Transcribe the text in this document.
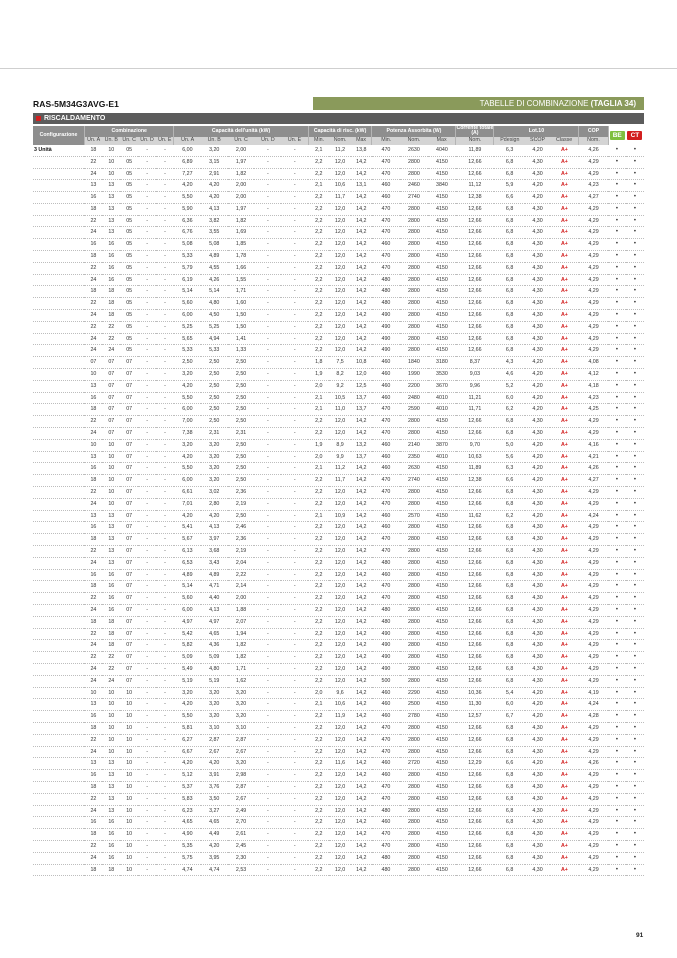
RAS-5M34G3AVG-E1	TABELLE DI COMBINAZIONE (TAGLIA 34)
RISCALDAMENTO
Configurazione	Combinazione					Capacità dell'unità (kW)					Capacità di risc. (kW)			Potenza Assorbita (W)			Corrente totale (A)	Lot.10			COP	BE	CT
	Un. A	Un. B	Un. C	Un. D	Un. E	Un. A	Un. B	Un. C	Un. D	Un. E	Min.	Nom.	Max	Min.	Nom.	Max	Nom.	Pdesign	SCOP	Classe	Nom.		
3 Unità	18	10	05	-	-	6,00	3,20	2,00	-	-	2,1	11,2	13,8	470	2630	4040	11,89	6,3	4,20	A+	4,26	•	•
	22	10	05	-	-	6,89	3,15	1,97	-	-	2,2	12,0	14,2	470	2800	4150	12,66	6,8	4,30	A+	4,29	•	•
	24	10	05	-	-	7,27	2,91	1,82	-	-	2,2	12,0	14,2	470	2800	4150	12,66	6,8	4,30	A+	4,29	•	•
	13	13	05	-	-	4,20	4,20	2,00	-	-	2,1	10,6	13,1	460	2460	3840	11,12	5,9	4,20	A+	4,23	•	•
	16	13	05	-	-	5,50	4,20	2,00	-	-	2,2	11,7	14,2	460	2740	4150	12,38	6,6	4,20	A+	4,27	•	•
	18	13	05	-	-	5,90	4,13	1,97	-	-	2,2	12,0	14,2	470	2800	4150	12,66	6,8	4,30	A+	4,29	•	•
	22	13	05	-	-	6,36	3,82	1,82	-	-	2,2	12,0	14,2	470	2800	4150	12,66	6,8	4,30	A+	4,29	•	•
	24	13	05	-	-	6,76	3,55	1,69	-	-	2,2	12,0	14,2	470	2800	4150	12,66	6,8	4,30	A+	4,29	•	•
	16	16	05	-	-	5,08	5,08	1,85	-	-	2,2	12,0	14,2	460	2800	4150	12,66	6,8	4,30	A+	4,29	•	•
	18	16	05	-	-	5,33	4,89	1,78	-	-	2,2	12,0	14,2	470	2800	4150	12,66	6,8	4,30	A+	4,29	•	•
	22	16	05	-	-	5,79	4,55	1,66	-	-	2,2	12,0	14,2	470	2800	4150	12,66	6,8	4,30	A+	4,29	•	•
	24	16	05	-	-	6,19	4,26	1,55	-	-	2,2	12,0	14,2	480	2800	4150	12,66	6,8	4,30	A+	4,29	•	•
	18	18	05	-	-	5,14	5,14	1,71	-	-	2,2	12,0	14,2	480	2800	4150	12,66	6,8	4,30	A+	4,29	•	•
	22	18	05	-	-	5,60	4,80	1,60	-	-	2,2	12,0	14,2	480	2800	4150	12,66	6,8	4,30	A+	4,29	•	•
	24	18	05	-	-	6,00	4,50	1,50	-	-	2,2	12,0	14,2	490	2800	4150	12,66	6,8	4,30	A+	4,29	•	•
	22	22	05	-	-	5,25	5,25	1,50	-	-	2,2	12,0	14,2	490	2800	4150	12,66	6,8	4,30	A+	4,29	•	•
	24	22	05	-	-	5,65	4,94	1,41	-	-	2,2	12,0	14,2	490	2800	4150	12,66	6,8	4,30	A+	4,29	•	•
	24	24	05	-	-	5,33	5,33	1,33	-	-	2,2	12,0	14,2	490	2800	4150	12,66	6,8	4,30	A+	4,29	•	•
	07	07	07	-	-	2,50	2,50	2,50	-	-	1,8	7,5	10,8	460	1840	3180	8,37	4,3	4,20	A+	4,08	•	•
	10	07	07	-	-	3,20	2,50	2,50	-	-	1,9	8,2	12,0	460	1990	3530	9,03	4,6	4,20	A+	4,12	•	•
	13	07	07	-	-	4,20	2,50	2,50	-	-	2,0	9,2	12,5	460	2200	3670	9,96	5,2	4,20	A+	4,18	•	•
	16	07	07	-	-	5,50	2,50	2,50	-	-	2,1	10,5	13,7	460	2480	4010	11,21	6,0	4,20	A+	4,23	•	•
	18	07	07	-	-	6,00	2,50	2,50	-	-	2,1	11,0	13,7	470	2590	4010	11,71	6,2	4,20	A+	4,25	•	•
	22	07	07	-	-	7,00	2,50	2,50	-	-	2,2	12,0	14,2	470	2800	4150	12,66	6,8	4,30	A+	4,29	•	•
	24	07	07	-	-	7,38	2,31	2,31	-	-	2,2	12,0	14,2	470	2800	4150	12,66	6,8	4,30	A+	4,29	•	•
	10	10	07	-	-	3,20	3,20	2,50	-	-	1,9	8,9	13,2	460	2140	3870	9,70	5,0	4,20	A+	4,16	•	•
	13	10	07	-	-	4,20	3,20	2,50	-	-	2,0	9,9	13,7	460	2350	4010	10,63	5,6	4,20	A+	4,21	•	•
	16	10	07	-	-	5,50	3,20	2,50	-	-	2,1	11,2	14,2	460	2630	4150	11,89	6,3	4,20	A+	4,26	•	•
	18	10	07	-	-	6,00	3,20	2,50	-	-	2,2	11,7	14,2	470	2740	4150	12,38	6,6	4,20	A+	4,27	•	•
	22	10	07	-	-	6,61	3,02	2,36	-	-	2,2	12,0	14,2	470	2800	4150	12,66	6,8	4,30	A+	4,29	•	•
	24	10	07	-	-	7,01	2,80	2,19	-	-	2,2	12,0	14,2	470	2800	4150	12,66	6,8	4,30	A+	4,29	•	•
	13	13	07	-	-	4,20	4,20	2,50	-	-	2,1	10,9	14,2	460	2570	4150	11,62	6,2	4,20	A+	4,24	•	•
	16	13	07	-	-	5,41	4,13	2,46	-	-	2,2	12,0	14,2	460	2800	4150	12,66	6,8	4,30	A+	4,29	•	•
	18	13	07	-	-	5,67	3,97	2,36	-	-	2,2	12,0	14,2	470	2800	4150	12,66	6,8	4,30	A+	4,29	•	•
	22	13	07	-	-	6,13	3,68	2,19	-	-	2,2	12,0	14,2	470	2800	4150	12,66	6,8	4,30	A+	4,29	•	•
	24	13	07	-	-	6,53	3,43	2,04	-	-	2,2	12,0	14,2	480	2800	4150	12,66	6,8	4,30	A+	4,29	•	•
	16	16	07	-	-	4,89	4,89	2,22	-	-	2,2	12,0	14,2	460	2800	4150	12,66	6,8	4,30	A+	4,29	•	•
	18	16	07	-	-	5,14	4,71	2,14	-	-	2,2	12,0	14,2	470	2800	4150	12,66	6,8	4,30	A+	4,29	•	•
	22	16	07	-	-	5,60	4,40	2,00	-	-	2,2	12,0	14,2	470	2800	4150	12,66	6,8	4,30	A+	4,29	•	•
	24	16	07	-	-	6,00	4,13	1,88	-	-	2,2	12,0	14,2	480	2800	4150	12,66	6,8	4,30	A+	4,29	•	•
	18	18	07	-	-	4,97	4,97	2,07	-	-	2,2	12,0	14,2	480	2800	4150	12,66	6,8	4,30	A+	4,29	•	•
	22	18	07	-	-	5,42	4,65	1,94	-	-	2,2	12,0	14,2	490	2800	4150	12,66	6,8	4,30	A+	4,29	•	•
	24	18	07	-	-	5,82	4,36	1,82	-	-	2,2	12,0	14,2	490	2800	4150	12,66	6,8	4,30	A+	4,29	•	•
	22	22	07	-	-	5,09	5,09	1,82	-	-	2,2	12,0	14,2	490	2800	4150	12,66	6,8	4,30	A+	4,29	•	•
	24	22	07	-	-	5,49	4,80	1,71	-	-	2,2	12,0	14,2	490	2800	4150	12,66	6,8	4,30	A+	4,29	•	•
	24	24	07	-	-	5,19	5,19	1,62	-	-	2,2	12,0	14,2	500	2800	4150	12,66	6,8	4,30	A+	4,29	•	•
	10	10	10	-	-	3,20	3,20	3,20	-	-	2,0	9,6	14,2	460	2290	4150	10,36	5,4	4,20	A+	4,19	•	•
	13	10	10	-	-	4,20	3,20	3,20	-	-	2,1	10,6	14,2	460	2500	4150	11,30	6,0	4,20	A+	4,24	•	•
	16	10	10	-	-	5,50	3,20	3,20	-	-	2,2	11,9	14,2	460	2780	4150	12,57	6,7	4,20	A+	4,28	•	•
	18	10	10	-	-	5,81	3,10	3,10	-	-	2,2	12,0	14,2	470	2800	4150	12,66	6,8	4,30	A+	4,29	•	•
	22	10	10	-	-	6,27	2,87	2,87	-	-	2,2	12,0	14,2	470	2800	4150	12,66	6,8	4,30	A+	4,29	•	•
	24	10	10	-	-	6,67	2,67	2,67	-	-	2,2	12,0	14,2	470	2800	4150	12,66	6,8	4,30	A+	4,29	•	•
	13	13	10	-	-	4,20	4,20	3,20	-	-	2,2	11,6	14,2	460	2720	4150	12,29	6,6	4,20	A+	4,26	•	•
	16	13	10	-	-	5,12	3,91	2,98	-	-	2,2	12,0	14,2	460	2800	4150	12,66	6,8	4,30	A+	4,29	•	•
	18	13	10	-	-	5,37	3,76	2,87	-	-	2,2	12,0	14,2	470	2800	4150	12,66	6,8	4,30	A+	4,29	•	•
	22	13	10	-	-	5,83	3,50	2,67	-	-	2,2	12,0	14,2	470	2800	4150	12,66	6,8	4,30	A+	4,29	•	•
	24	13	10	-	-	6,23	3,27	2,49	-	-	2,2	12,0	14,2	480	2800	4150	12,66	6,8	4,30	A+	4,29	•	•
	16	16	10	-	-	4,65	4,65	2,70	-	-	2,2	12,0	14,2	460	2800	4150	12,66	6,8	4,30	A+	4,29	•	•
	18	16	10	-	-	4,90	4,49	2,61	-	-	2,2	12,0	14,2	470	2800	4150	12,66	6,8	4,30	A+	4,29	•	•
	22	16	10	-	-	5,35	4,20	2,45	-	-	2,2	12,0	14,2	470	2800	4150	12,66	6,8	4,30	A+	4,29	•	•
	24	16	10	-	-	5,75	3,95	2,30	-	-	2,2	12,0	14,2	480	2800	4150	12,66	6,8	4,30	A+	4,29	•	•
	18	18	10	-	-	4,74	4,74	2,53	-	-	2,2	12,0	14,2	480	2800	4150	12,66	6,8	4,30	A+	4,29	•	•
91
